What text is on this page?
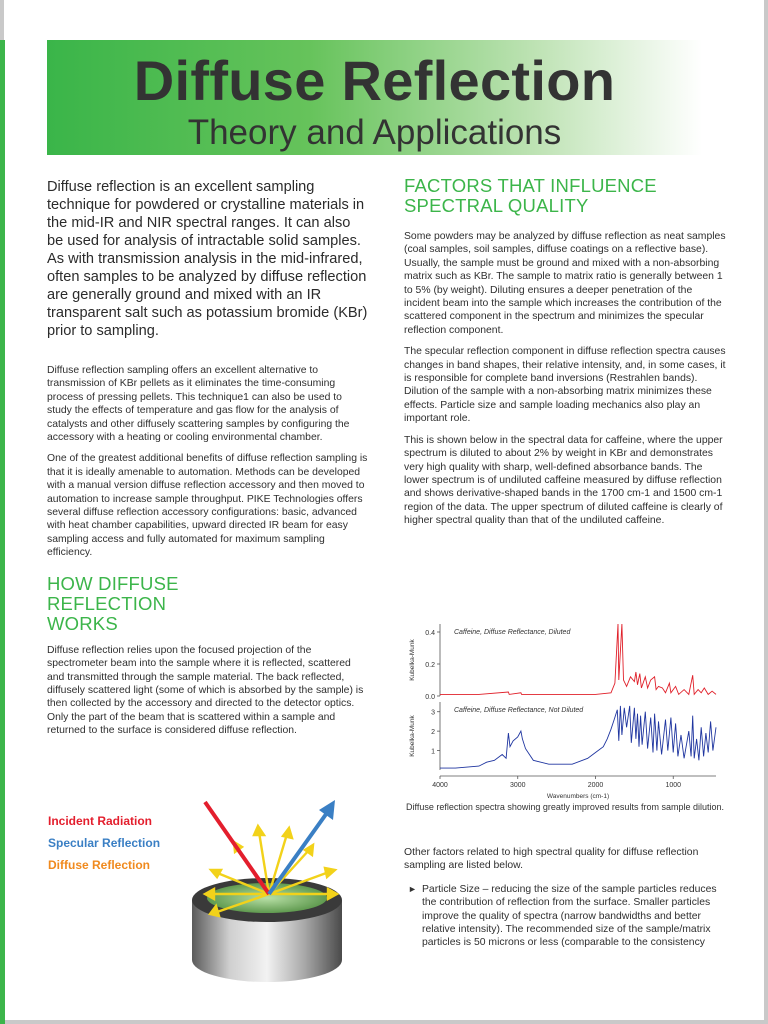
Diffuse Reflection
Theory and Applications

Diffuse reflection is an excellent sampling technique for powdered or crystalline materials in the mid-IR and NIR spectral ranges. It can also be used for analysis of intractable solid samples. As with transmission analysis in the mid-infrared, often samples to be analyzed by diffuse reflection are generally ground and mixed with an IR transparent salt such as potassium bromide (KBr) prior to sampling.

Diffuse reflection sampling offers an excellent alternative to transmission of KBr pellets as it eliminates the time-consuming process of pressing pellets. This technique1 can also be used to study the effects of temperature and gas flow for the analysis of catalysts and other diffusely scattering samples by configuring the accessory with a heating or cooling environmental chamber.

One of the greatest additional benefits of diffuse reflection sampling is that it is ideally amenable to automation. Methods can be developed with a manual version diffuse reflection accessory and then moved to automation to increase sample throughput. PIKE Technologies offers several diffuse reflection accessory configurations: basic, advanced with heat chamber capabilities, upward directed IR beam for easy sampling access and fully automated for maximum sampling efficiency.

HOW DIFFUSE REFLECTION WORKS

Diffuse reflection relies upon the focused projection of the spectrometer beam into the sample where it is reflected, scattered and transmitted through the sample material. The back reflected, diffusely scattered light (some of which is absorbed by the sample) is then collected by the accessory and directed to the detector optics. Only the part of the beam that is scattered within a sample and returned to the surface is considered diffuse reflection.

Incident Radiation
Specular Reflection
Diffuse Reflection
FACTORS THAT INFLUENCE SPECTRAL QUALITY

Some powders may be analyzed by diffuse reflection as neat samples (coal samples, soil samples, diffuse coatings on a reflective base). Usually, the sample must be ground and mixed with a non-absorbing matrix such as KBr. The sample to matrix ratio is generally between 1 to 5% (by weight). Diluting ensures a deeper penetration of the incident beam into the sample which increases the contribution of the scattered component in the spectrum and minimizes the specular reflection component.

The specular reflection component in diffuse reflection spectra causes changes in band shapes, their relative intensity, and, in some cases, it is responsible for complete band inversions (Restrahlen bands). Dilution of the sample with a non-absorbing matrix minimizes these effects. Particle size and sample loading mechanics also play an important role.

This is shown below in the spectral data for caffeine, where the upper spectrum is diluted to about 2% by weight in KBr and demonstrates very high quality with sharp, well-defined absorbance bands. The lower spectrum is of undiluted caffeine measured by diffuse reflection and shows derivative-shaped bands in the 1700 cm-1 and 1500 cm-1 region of the data. The upper spectrum of diluted caffeine is clearly of higher spectral quality than that of the undiluted caffeine.

0.4
0.2
0.0
Kubelka-Munk
Caffeine, Diffuse Reflectance, Diluted
3
2
1
Kubelka-Munk
Caffeine, Diffuse Reflectance, Not Diluted
4000	3000	2000	1000
Wavenumbers (cm-1)
Diffuse reflection spectra showing greatly improved results from sample dilution.

Other factors related to high spectral quality for diffuse reflection sampling are listed below.

► Particle Size – reducing the size of the sample particles reduces the contribution of reflection from the surface. Smaller particles improve the quality of spectra (narrow bandwidths and better relative intensity). The recommended size of the sample/matrix particles is 50 microns or less (comparable to the consistency
